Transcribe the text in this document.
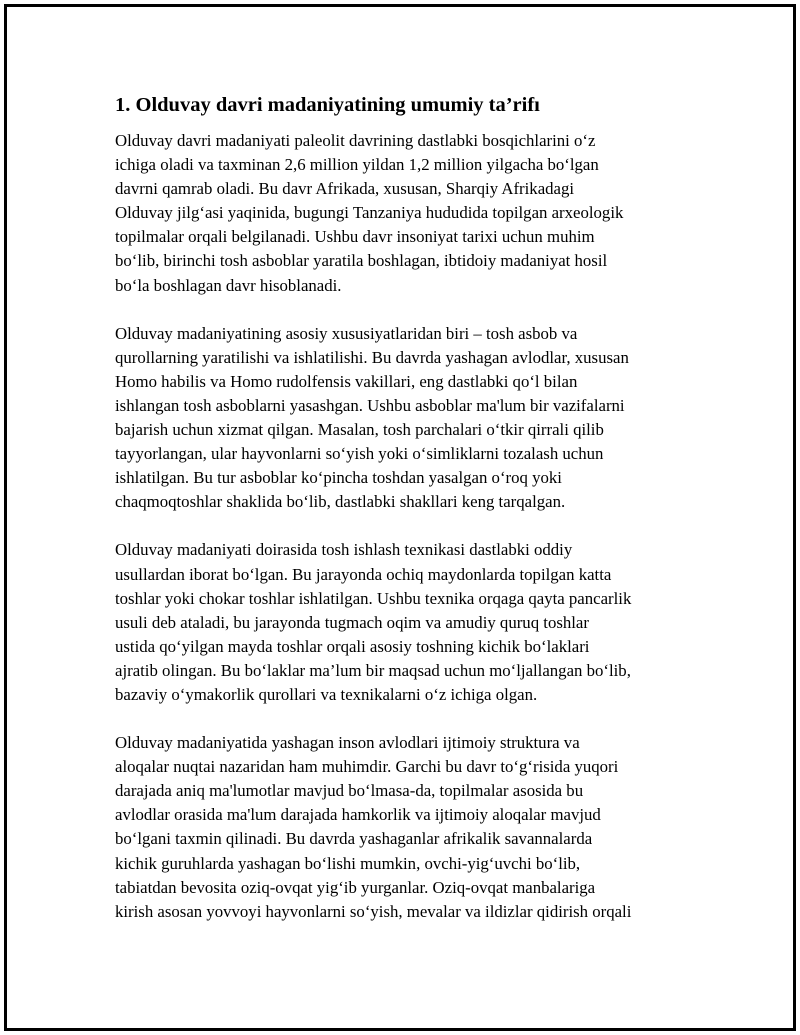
1. Olduvay davri madaniyatining umumiy ta’rifı

Olduvay davri madaniyati paleolit davrining dastlabki bosqichlarini o‘z
ichiga oladi va taxminan 2,6 million yildan 1,2 million yilgacha bo‘lgan
davrni qamrab oladi. Bu davr Afrikada, xususan, Sharqiy Afrikadagi
Olduvay jilg‘asi yaqinida, bugungi Tanzaniya hududida topilgan arxeologik
topilmalar orqali belgilanadi. Ushbu davr insoniyat tarixi uchun muhim
bo‘lib, birinchi tosh asboblar yaratila boshlagan, ibtidoiy madaniyat hosil
bo‘la boshlagan davr hisoblanadi.

Olduvay madaniyatining asosiy xususiyatlaridan biri – tosh asbob va
qurollarning yaratilishi va ishlatilishi. Bu davrda yashagan avlodlar, xususan
Homo habilis va Homo rudolfensis vakillari, eng dastlabki qo‘l bilan
ishlangan tosh asboblarni yasashgan. Ushbu asboblar ma'lum bir vazifalarni
bajarish uchun xizmat qilgan. Masalan, tosh parchalari o‘tkir qirrali qilib
tayyorlangan, ular hayvonlarni so‘yish yoki o‘simliklarni tozalash uchun
ishlatilgan. Bu tur asboblar ko‘pincha toshdan yasalgan o‘roq yoki
chaqmoqtoshlar shaklida bo‘lib, dastlabki shakllari keng tarqalgan.

Olduvay madaniyati doirasida tosh ishlash texnikasi dastlabki oddiy
usullardan iborat bo‘lgan. Bu jarayonda ochiq maydonlarda topilgan katta
toshlar yoki chokar toshlar ishlatilgan. Ushbu texnika orqaga qayta pancarlik
usuli deb ataladi, bu jarayonda tugmach oqim va amudiy quruq toshlar
ustida qo‘yilgan mayda toshlar orqali asosiy toshning kichik bo‘laklari
ajratib olingan. Bu bo‘laklar ma’lum bir maqsad uchun mo‘ljallangan bo‘lib,
bazaviy o‘ymakorlik qurollari va texnikalarni o‘z ichiga olgan.

Olduvay madaniyatida yashagan inson avlodlari ijtimoiy struktura va
aloqalar nuqtai nazaridan ham muhimdir. Garchi bu davr to‘g‘risida yuqori
darajada aniq ma'lumotlar mavjud bo‘lmasa-da, topilmalar asosida bu
avlodlar orasida ma'lum darajada hamkorlik va ijtimoiy aloqalar mavjud
bo‘lgani taxmin qilinadi. Bu davrda yashaganlar afrikalik savannalarda
kichik guruhlarda yashagan bo‘lishi mumkin, ovchi-yig‘uvchi bo‘lib,
tabiatdan bevosita oziq-ovqat yig‘ib yurganlar. Oziq-ovqat manbalariga
kirish asosan yovvoyi hayvonlarni so‘yish, mevalar va ildizlar qidirish orqali
